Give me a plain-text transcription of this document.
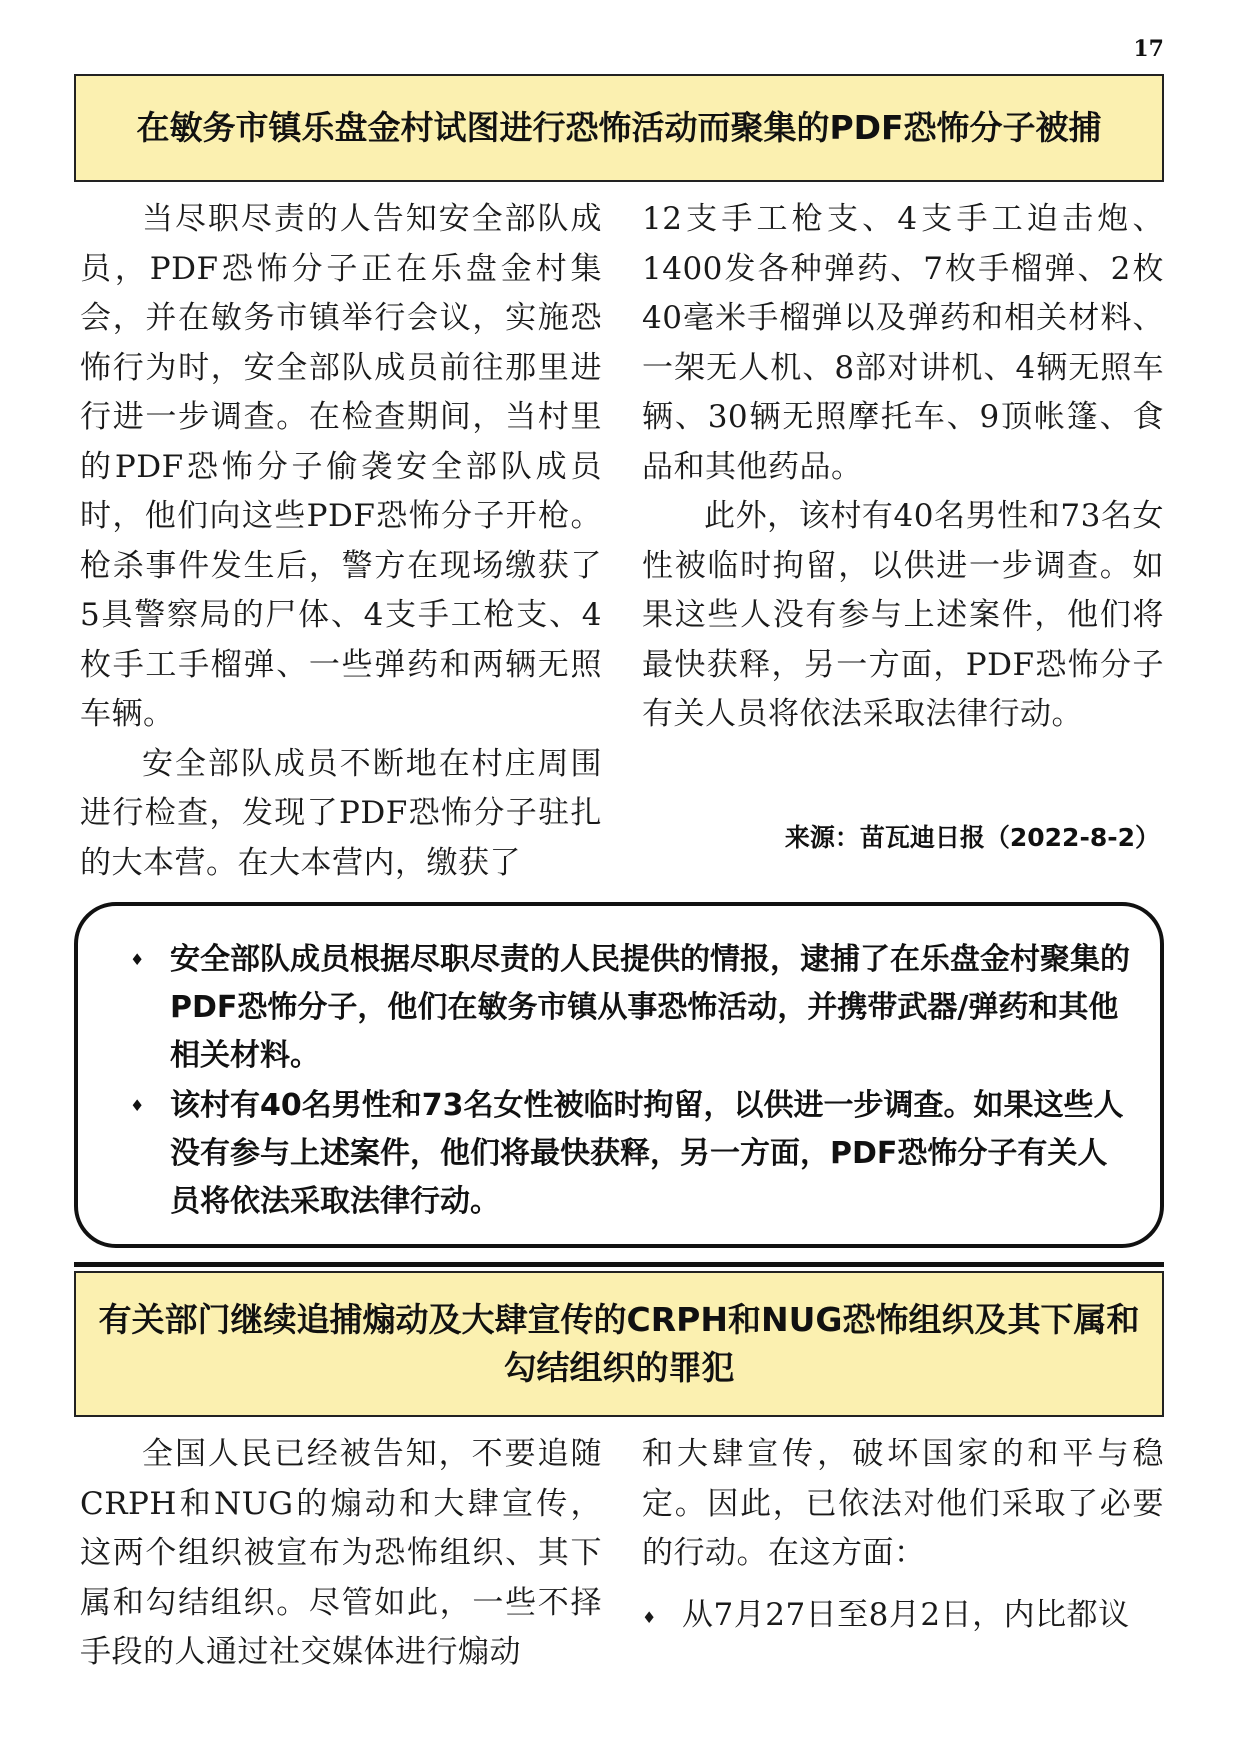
17
在敏务市镇乐盘金村试图进行恐怖活动而聚集的PDF恐怖分子被捕

当尽职尽责的人告知安全部队成员，PDF恐怖分子正在乐盘金村集会，并在敏务市镇举行会议，实施恐怖行为时，安全部队成员前往那里进行进一步调查。在检查期间，当村里的PDF恐怖分子偷袭安全部队成员时，他们向这些PDF恐怖分子开枪。枪杀事件发生后，警方在现场缴获了5具警察局的尸体、4支手工枪支、4枚手工手榴弹、一些弹药和两辆无照车辆。

安全部队成员不断地在村庄周围进行检查，发现了PDF恐怖分子驻扎的大本营。在大本营内，缴获了

12支手工枪支、4支手工迫击炮、1400发各种弹药、7枚手榴弹、2枚40毫米手榴弹以及弹药和相关材料、一架无人机、8部对讲机、4辆无照车辆、30辆无照摩托车、9顶帐篷、食品和其他药品。

此外，该村有40名男性和73名女性被临时拘留，以供进一步调查。如果这些人没有参与上述案件，他们将最快获释，另一方面，PDF恐怖分子有关人员将依法采取法律行动。

来源：苗瓦迪日报（2022-8-2）
♦ 安全部队成员根据尽职尽责的人民提供的情报，逮捕了在乐盘金村聚集的PDF恐怖分子，他们在敏务市镇从事恐怖活动，并携带武器/弹药和其他相关材料。
♦ 该村有40名男性和73名女性被临时拘留，以供进一步调查。如果这些人没有参与上述案件，他们将最快获释，另一方面，PDF恐怖分子有关人员将依法采取法律行动。
有关部门继续追捕煽动及大肆宣传的CRPH和NUG恐怖组织及其下属和勾结组织的罪犯

全国人民已经被告知，不要追随CRPH和NUG的煽动和大肆宣传，这两个组织被宣布为恐怖组织、其下属和勾结组织。尽管如此，一些不择手段的人通过社交媒体进行煽动

和大肆宣传，破坏国家的和平与稳定。因此，已依法对他们采取了必要的行动。在这方面：

♦ 从7月27日至8月2日，内比都议
